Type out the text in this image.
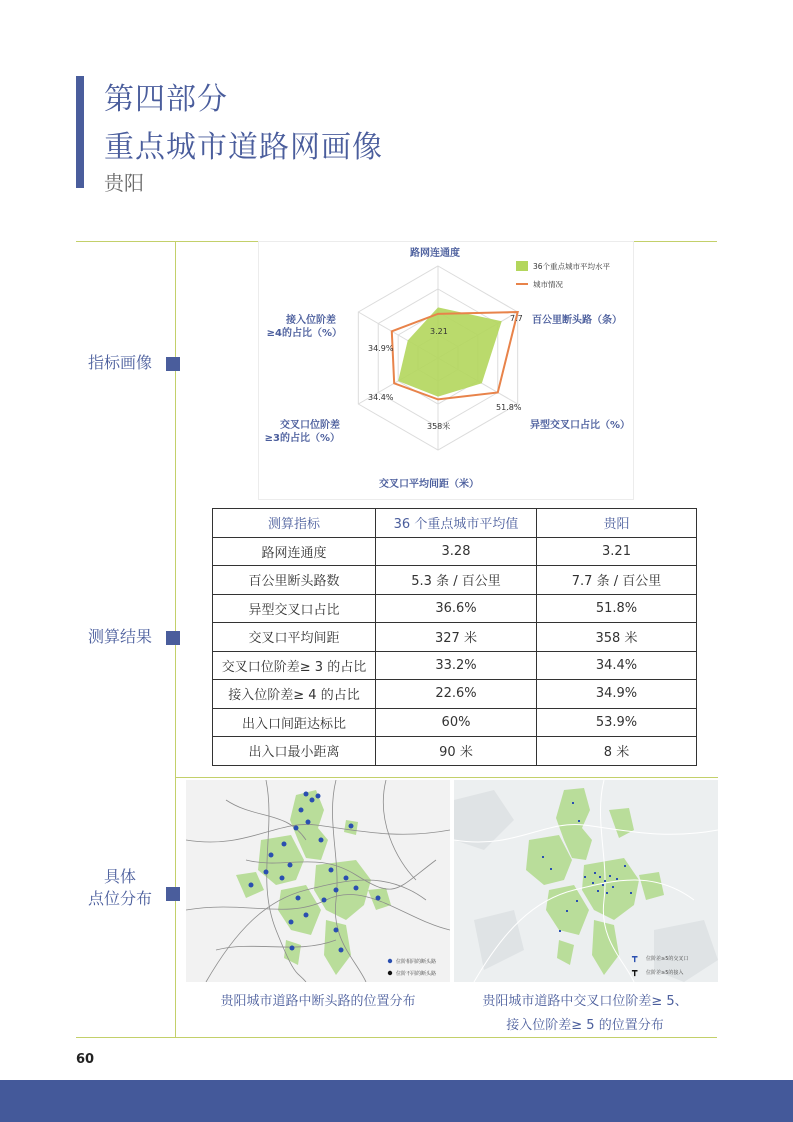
第四部分
重点城市道路网画像
贵阳
指标画像
测算结果
具体
点位分布
路网连通度
百公里断头路（条）
异型交叉口占比（%）
交叉口平均间距（米）
交叉口位阶差
≥3的占比（%）
接入位阶差
≥4的占比（%）	3.21
7.7
51.8%
358米
34.4%
34.9%
36个重点城市平均水平
城市情况
测算指标	36 个重点城市平均值	贵阳
路网连通度	3.28	3.21
百公里断头路数	5.3 条 / 百公里	7.7 条 / 百公里
异型交叉口占比	36.6%	51.8%
交叉口平均间距	327 米	358 米
交叉口位阶差≥ 3 的占比	33.2%	34.4%
接入位阶差≥ 4 的占比	22.6%	34.9%
出入口间距达标比	60%	53.9%
出入口最小距离	90 米	8 米
位阶相同的断头路
位阶不同的断头路
┳ 位阶差≥5的交叉口
┳ 位阶差≥5的接入
贵阳城市道路中断头路的位置分布	贵阳城市道路中交叉口位阶差≥ 5、
接入位阶差≥ 5 的位置分布
60
